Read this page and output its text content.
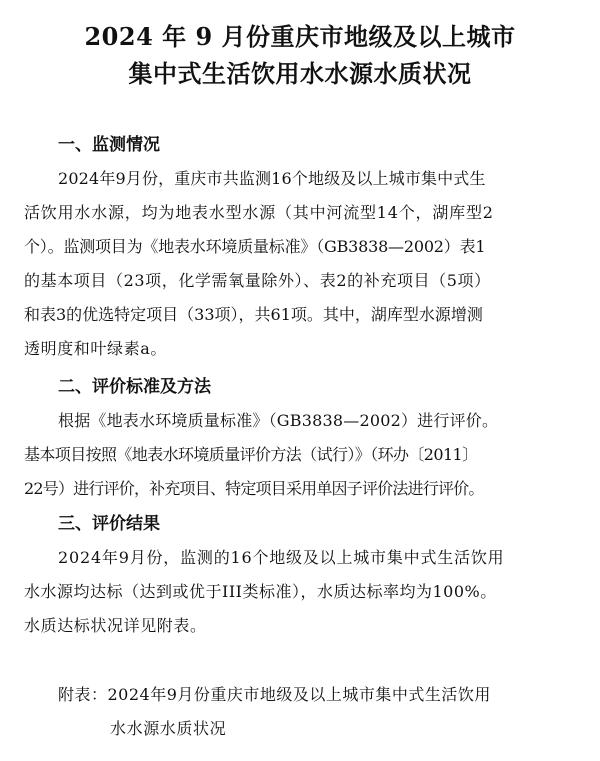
2024 年 9 月份重庆市地级及以上城市
集中式生活饮用水水源水质状况
一、监测情况
2024年9月份，重庆市共监测16个地级及以上城市集中式生
活饮用水水源，均为地表水型水源（其中河流型14个，湖库型2
个）。监测项目为《地表水环境质量标准》（GB3838—2002）表1
的基本项目（23项，化学需氧量除外）、表2的补充项目（5项）
和表3的优选特定项目（33项），共61项。其中，湖库型水源增测
透明度和叶绿素a。
二、评价标准及方法
根据《地表水环境质量标准》（GB3838—2002）进行评价。
基本项目按照《地表水环境质量评价方法（试行）》（环办〔2011〕
22号）进行评价，补充项目、特定项目采用单因子评价法进行评价。
三、评价结果
2024年9月份，监测的16个地级及以上城市集中式生活饮用
水水源均达标（达到或优于III类标准），水质达标率均为100%。
水质达标状况详见附表。
附表：2024年9月份重庆市地级及以上城市集中式生活饮用
水水源水质状况
